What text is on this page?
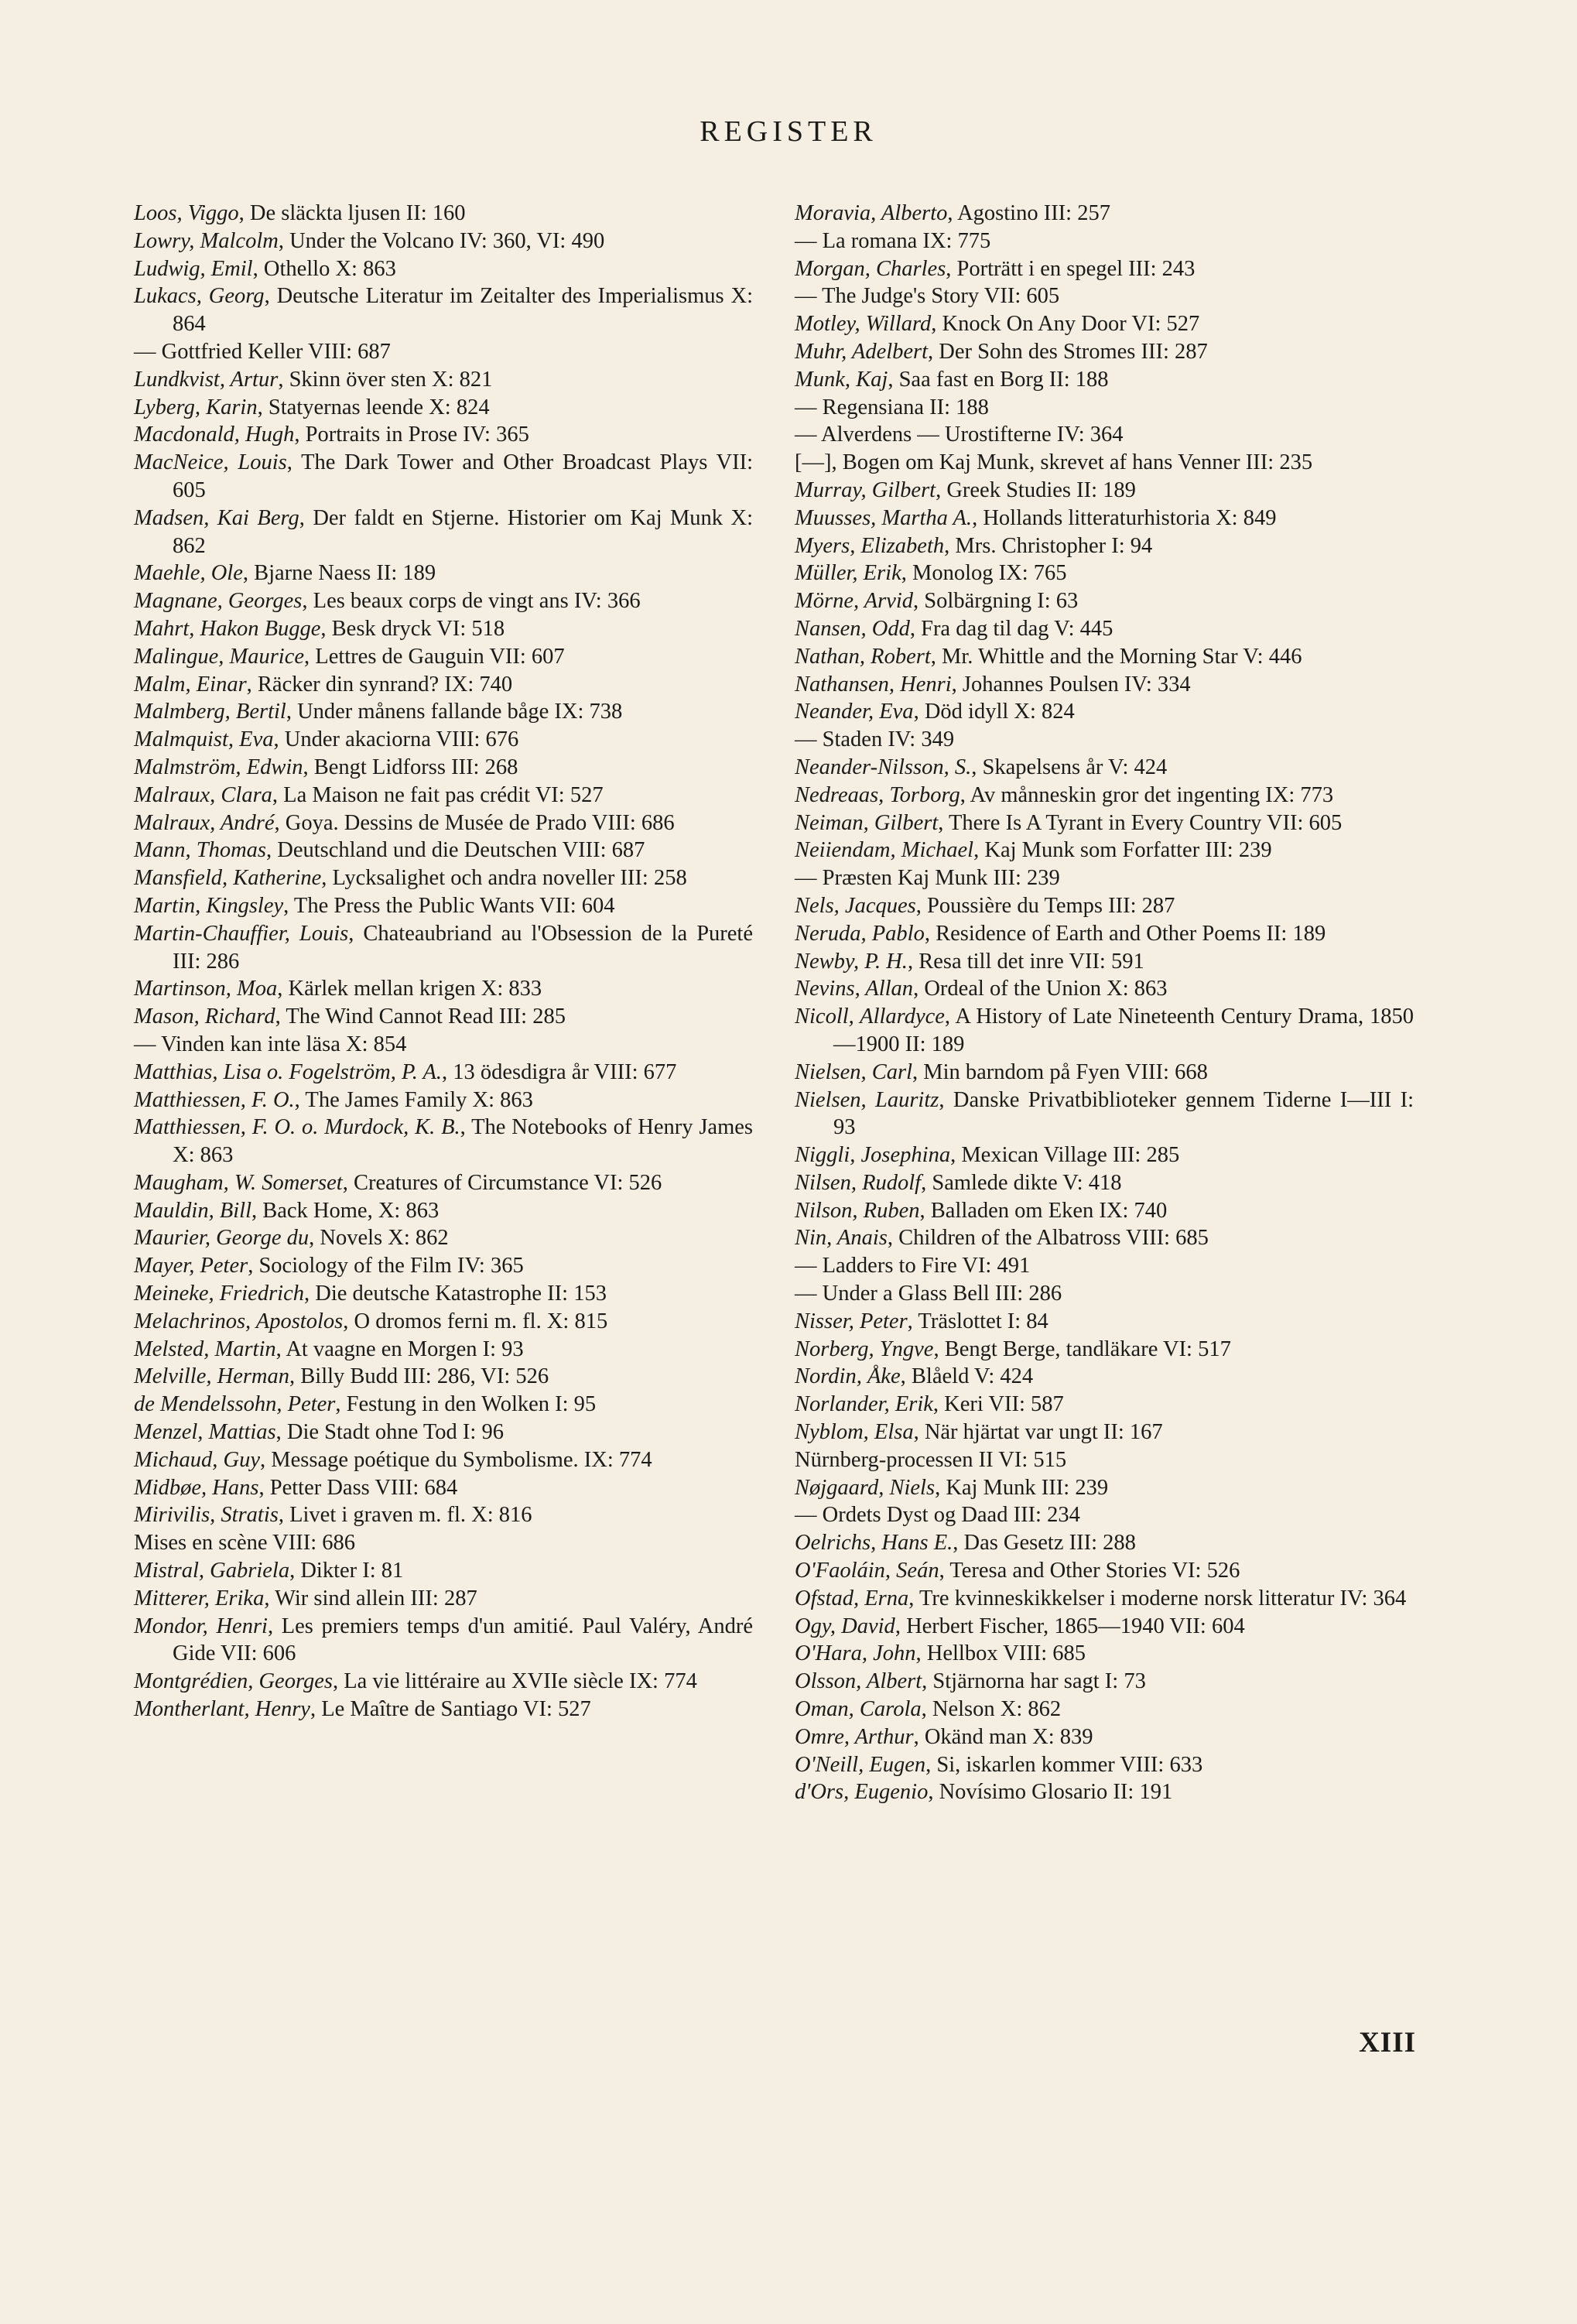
REGISTER

Loos, Viggo, De släckta ljusen II: 160

Lowry, Malcolm, Under the Volcano IV: 360, VI: 490

Ludwig, Emil, Othello X: 863

Lukacs, Georg, Deutsche Literatur im Zeitalter des Imperialismus X: 864

— Gottfried Keller VIII: 687

Lundkvist, Artur, Skinn över sten X: 821

Lyberg, Karin, Statyernas leende X: 824

Macdonald, Hugh, Portraits in Prose IV: 365

MacNeice, Louis, The Dark Tower and Other Broadcast Plays VII: 605

Madsen, Kai Berg, Der faldt en Stjerne. Historier om Kaj Munk X: 862

Maehle, Ole, Bjarne Naess II: 189

Magnane, Georges, Les beaux corps de vingt ans IV: 366

Mahrt, Hakon Bugge, Besk dryck VI: 518

Malingue, Maurice, Lettres de Gauguin VII: 607

Malm, Einar, Räcker din synrand? IX: 740

Malmberg, Bertil, Under månens fallande båge IX: 738

Malmquist, Eva, Under akaciorna VIII: 676

Malmström, Edwin, Bengt Lidforss III: 268

Malraux, Clara, La Maison ne fait pas crédit VI: 527

Malraux, André, Goya. Dessins de Musée de Prado VIII: 686

Mann, Thomas, Deutschland und die Deutschen VIII: 687

Mansfield, Katherine, Lycksalighet och andra noveller III: 258

Martin, Kingsley, The Press the Public Wants VII: 604

Martin-Chauffier, Louis, Chateaubriand au l'Obsession de la Pureté III: 286

Martinson, Moa, Kärlek mellan krigen X: 833

Mason, Richard, The Wind Cannot Read III: 285

— Vinden kan inte läsa X: 854

Matthias, Lisa o. Fogelström, P. A., 13 ödesdigra år VIII: 677

Matthiessen, F. O., The James Family X: 863

Matthiessen, F. O. o. Murdock, K. B., The Notebooks of Henry James X: 863

Maugham, W. Somerset, Creatures of Circumstance VI: 526

Mauldin, Bill, Back Home, X: 863

Maurier, George du, Novels X: 862

Mayer, Peter, Sociology of the Film IV: 365

Meineke, Friedrich, Die deutsche Katastrophe II: 153

Melachrinos, Apostolos, O dromos ferni m. fl. X: 815

Melsted, Martin, At vaagne en Morgen I: 93

Melville, Herman, Billy Budd III: 286, VI: 526

de Mendelssohn, Peter, Festung in den Wolken I: 95

Menzel, Mattias, Die Stadt ohne Tod I: 96

Michaud, Guy, Message poétique du Symbolisme. IX: 774

Midbøe, Hans, Petter Dass VIII: 684

Mirivilis, Stratis, Livet i graven m. fl. X: 816

Mises en scène VIII: 686

Mistral, Gabriela, Dikter I: 81

Mitterer, Erika, Wir sind allein III: 287

Mondor, Henri, Les premiers temps d'un amitié. Paul Valéry, André Gide VII: 606

Montgrédien, Georges, La vie littéraire au XVIIe siècle IX: 774

Montherlant, Henry, Le Maître de Santiago VI: 527

Moravia, Alberto, Agostino III: 257

— La romana IX: 775

Morgan, Charles, Porträtt i en spegel III: 243

— The Judge's Story VII: 605

Motley, Willard, Knock On Any Door VI: 527

Muhr, Adelbert, Der Sohn des Stromes III: 287

Munk, Kaj, Saa fast en Borg II: 188

— Regensiana II: 188

— Alverdens — Urostifterne IV: 364

[—], Bogen om Kaj Munk, skrevet af hans Venner III: 235

Murray, Gilbert, Greek Studies II: 189

Muusses, Martha A., Hollands litteraturhistoria X: 849

Myers, Elizabeth, Mrs. Christopher I: 94

Müller, Erik, Monolog IX: 765

Mörne, Arvid, Solbärgning I: 63

Nansen, Odd, Fra dag til dag V: 445

Nathan, Robert, Mr. Whittle and the Morning Star V: 446

Nathansen, Henri, Johannes Poulsen IV: 334

Neander, Eva, Död idyll X: 824

— Staden IV: 349

Neander-Nilsson, S., Skapelsens år V: 424

Nedreaas, Torborg, Av månneskin gror det ingenting IX: 773

Neiman, Gilbert, There Is A Tyrant in Every Country VII: 605

Neiiendam, Michael, Kaj Munk som Forfatter III: 239

— Præsten Kaj Munk III: 239

Nels, Jacques, Poussière du Temps III: 287

Neruda, Pablo, Residence of Earth and Other Poems II: 189

Newby, P. H., Resa till det inre VII: 591

Nevins, Allan, Ordeal of the Union X: 863

Nicoll, Allardyce, A History of Late Nineteenth Century Drama, 1850—1900 II: 189

Nielsen, Carl, Min barndom på Fyen VIII: 668

Nielsen, Lauritz, Danske Privatbiblioteker gennem Tiderne I—III I: 93

Niggli, Josephina, Mexican Village III: 285

Nilsen, Rudolf, Samlede dikte V: 418

Nilson, Ruben, Balladen om Eken IX: 740

Nin, Anais, Children of the Albatross VIII: 685

— Ladders to Fire VI: 491

— Under a Glass Bell III: 286

Nisser, Peter, Träslottet I: 84

Norberg, Yngve, Bengt Berge, tandläkare VI: 517

Nordin, Åke, Blåeld V: 424

Norlander, Erik, Keri VII: 587

Nyblom, Elsa, När hjärtat var ungt II: 167

Nürnberg-processen II VI: 515

Nøjgaard, Niels, Kaj Munk III: 239

— Ordets Dyst og Daad III: 234

Oelrichs, Hans E., Das Gesetz III: 288

O'Faoláin, Seán, Teresa and Other Stories VI: 526

Ofstad, Erna, Tre kvinneskikkelser i moderne norsk litteratur IV: 364

Ogy, David, Herbert Fischer, 1865—1940 VII: 604

O'Hara, John, Hellbox VIII: 685

Olsson, Albert, Stjärnorna har sagt I: 73

Oman, Carola, Nelson X: 862

Omre, Arthur, Okänd man X: 839

O'Neill, Eugen, Si, iskarlen kommer VIII: 633

d'Ors, Eugenio, Novísimo Glosario II: 191

XIII
